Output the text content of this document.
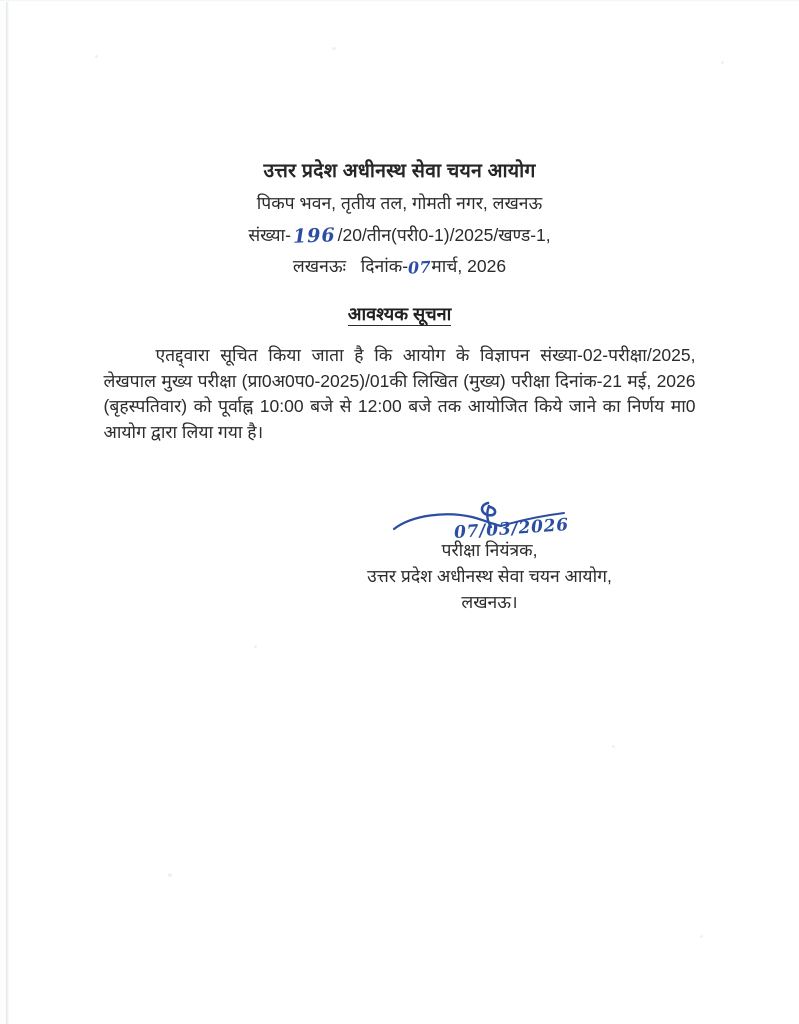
उत्तर प्रदेश अधीनस्थ सेवा चयन आयोग
पिकप भवन, तृतीय तल, गोमती नगर, लखनऊ
संख्या-196/20/तीन(परी0-1)/2025/खण्ड-1,
लखनऊः दिनांक-07मार्च, 2026
आवश्यक सूचना

एतद्द्वारा सूचित किया जाता है कि आयोग के विज्ञापन संख्या-02-परीक्षा/2025, लेखपाल मुख्य परीक्षा (प्रा0अ0प0-2025)/01की लिखित (मुख्य) परीक्षा दिनांक-21 मई, 2026 (बृहस्पतिवार) को पूर्वाह्न 10:00 बजे से 12:00 बजे तक आयोजित किये जाने का निर्णय मा0 आयोग द्वारा लिया गया है।

07/03/2026
परीक्षा नियंत्रक,
उत्तर प्रदेश अधीनस्थ सेवा चयन आयोग,
लखनऊ।
